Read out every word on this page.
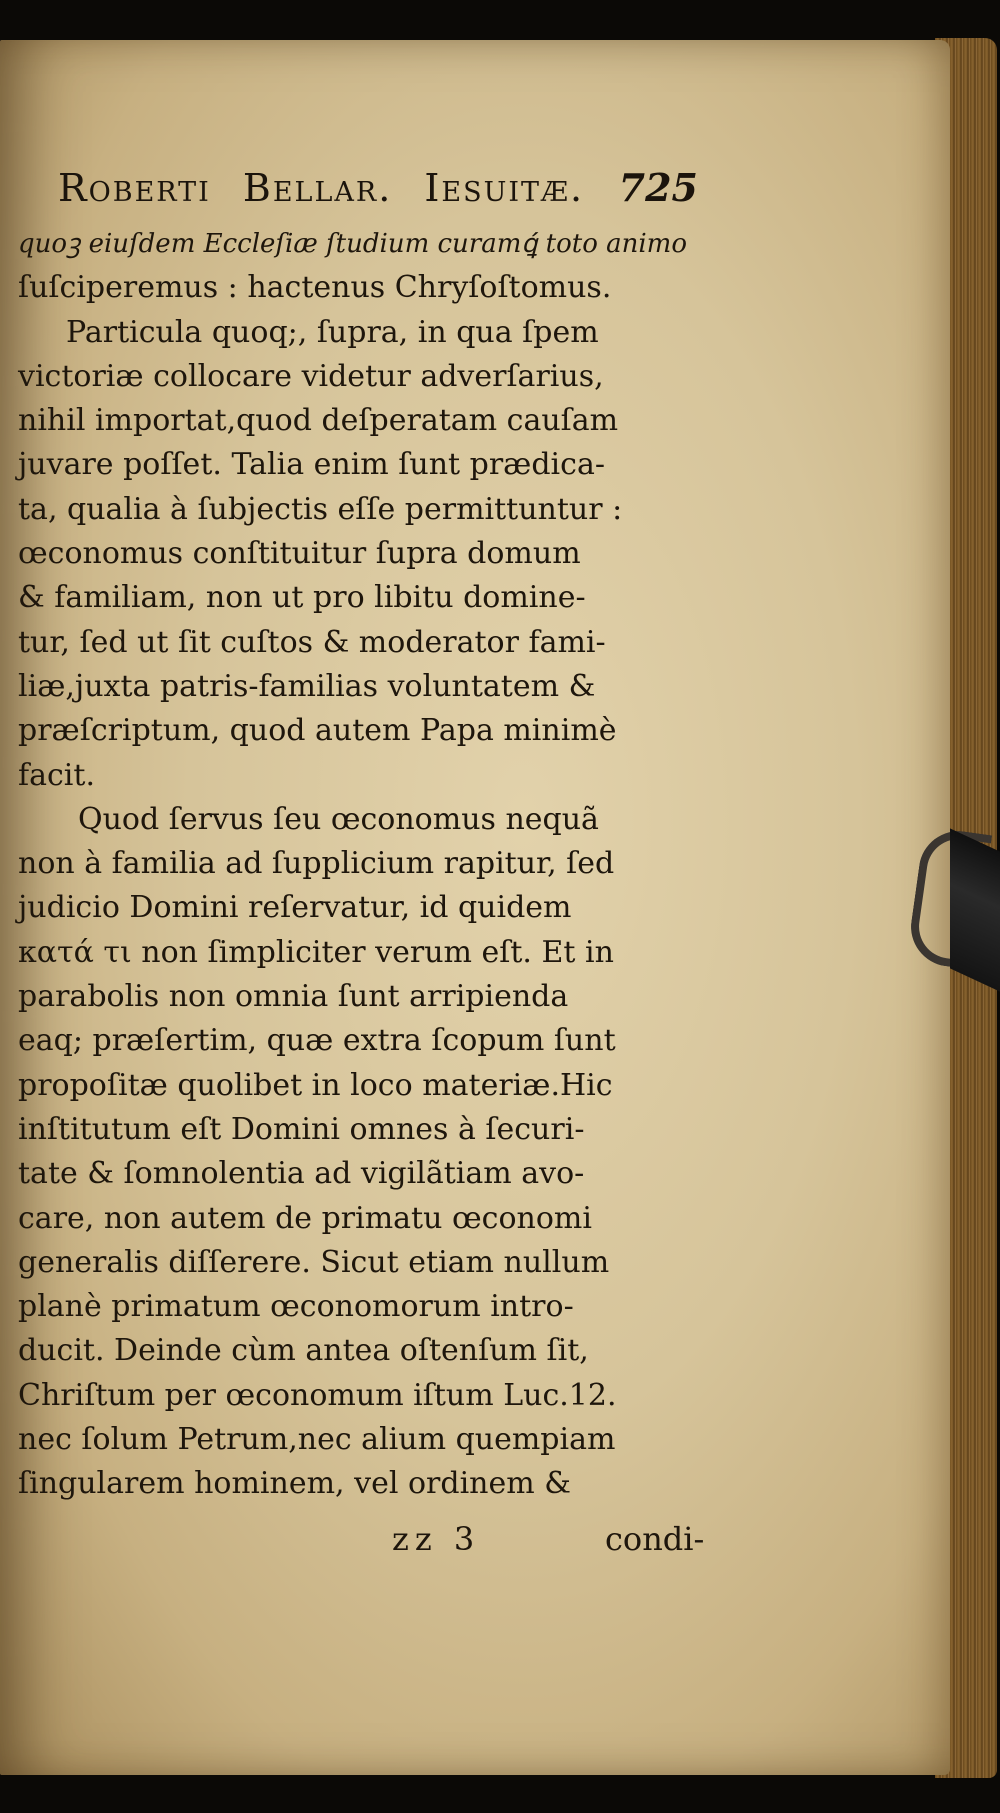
Roberti Bellar. Iesuitæ. 725
quoꝫ eiuſdem Eccleſiæ ſtudium curamꝗ́ toto animo
ſuſciperemus : hactenus Chryſoſtomus.
Particula quoq;, ſupra, in qua ſpem
victoriæ collocare videtur adverſarius,
nihil importat,quod deſperatam cauſam
juvare poſſet. Talia enim ſunt prædica-
ta, qualia à ſubjectis eſſe permittuntur :
œconomus conſtituitur ſupra domum
& familiam, non ut pro libitu domine-
tur, ſed ut ſit cuſtos & moderator fami-
liæ,juxta patris-familias voluntatem &
præſcriptum, quod autem Papa minimè
facit.
Quod ſervus ſeu œconomus nequã
non à familia ad ſupplicium rapitur, ſed
judicio Domini reſervatur, id quidem
κατά τι non ſimpliciter verum eſt. Et in
parabolis non omnia ſunt arripienda
eaq; præſertim, quæ extra ſcopum ſunt
propoſitæ quolibet in loco materiæ.Hic
inſtitutum eſt Domini omnes à ſecuri-
tate & ſomnolentia ad vigilãtiam avo-
care, non autem de primatu œconomi
generalis diſſerere. Sicut etiam nullum
planè primatum œconomorum intro-
ducit. Deinde cùm antea oſtenſum ſit,
Chriſtum per œconomum iſtum Luc.12.
nec ſolum Petrum,nec alium quempiam
ſingularem hominem, vel ordinem &
zz 3	condi-
